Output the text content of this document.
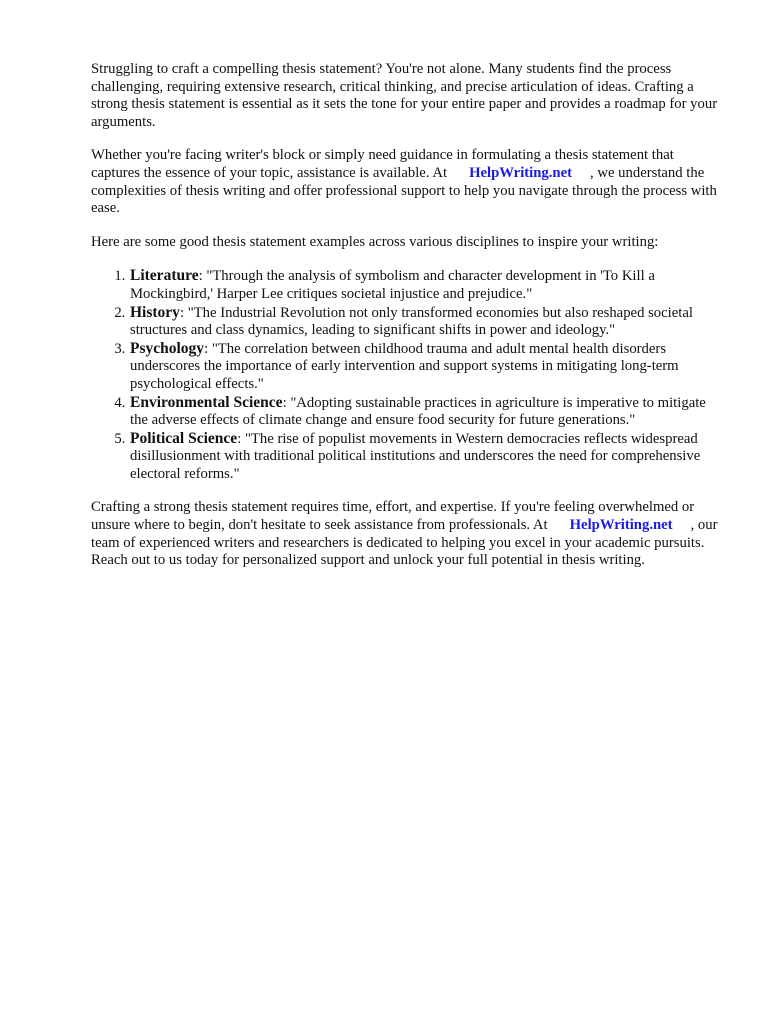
Struggling to craft a compelling thesis statement? You're not alone. Many students find the process challenging, requiring extensive research, critical thinking, and precise articulation of ideas. Crafting a strong thesis statement is essential as it sets the tone for your entire paper and provides a roadmap for your arguments.

Whether you're facing writer's block or simply need guidance in formulating a thesis statement that captures the essence of your topic, assistance is available. At HelpWriting.net , we understand the complexities of thesis writing and offer professional support to help you navigate through the process with ease.

Here are some good thesis statement examples across various disciplines to inspire your writing:

1. Literature: "Through the analysis of symbolism and character development in 'To Kill a Mockingbird,' Harper Lee critiques societal injustice and prejudice."
2. History: "The Industrial Revolution not only transformed economies but also reshaped societal structures and class dynamics, leading to significant shifts in power and ideology."
3. Psychology: "The correlation between childhood trauma and adult mental health disorders underscores the importance of early intervention and support systems in mitigating long-term psychological effects."
4. Environmental Science: "Adopting sustainable practices in agriculture is imperative to mitigate the adverse effects of climate change and ensure food security for future generations."
5. Political Science: "The rise of populist movements in Western democracies reflects widespread disillusionment with traditional political institutions and underscores the need for comprehensive electoral reforms."

Crafting a strong thesis statement requires time, effort, and expertise. If you're feeling overwhelmed or unsure where to begin, don't hesitate to seek assistance from professionals. At HelpWriting.net , our team of experienced writers and researchers is dedicated to helping you excel in your academic pursuits. Reach out to us today for personalized support and unlock your full potential in thesis writing.
